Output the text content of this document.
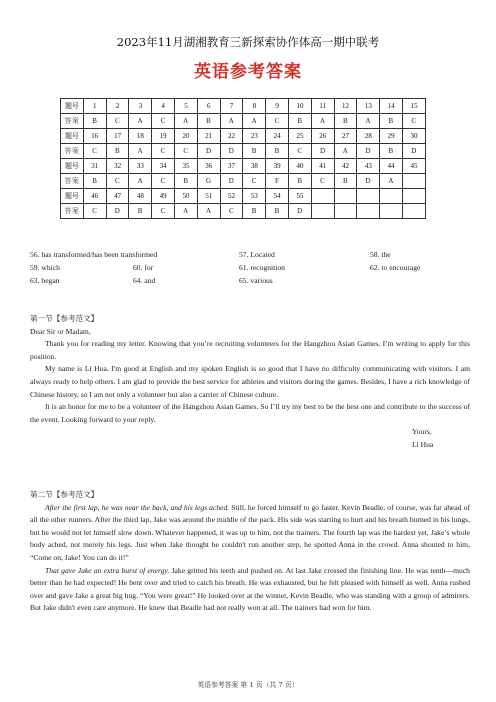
2023年11月湖湘教育三新探索协作体高一期中联考
英语参考答案
题号	1	2	3	4	5	6	7	8	9	10	11	12	13	14	15
答案	B	C	A	C	A	B	A	A	C	B	A	B	A	B	C
题号	16	17	18	19	20	21	22	23	24	25	26	27	28	29	30
答案	C	B	A	C	C	D	D	B	B	C	D	A	D	B	D
题号	31	32	33	34	35	36	37	38	39	40	41	42	43	44	45
答案	B	C	A	C	B	G	D	C	F	B	C	B	D	A	
题号	46	47	48	49	50	51	52	53	54	55					
答案	C	D	B	C	A	A	C	B	B	D					
56. has transformed/has been transformed	57. Located	58. the
59. which	60. for	61. recognition	62. to encourage
63. began	64. and	65. various

第一节【参考范文】

Dear Sir or Madam,

Thank you for reading my letter. Knowing that you’re recruiting volunteers for the Hangzhou Asian Games, I’m writing to apply for this position.

My name is Li Hua. I'm good at English and my spoken English is so good that I have no difficulty communicating with visitors. I am always ready to help others. I am glad to provide the best service for athletes and visitors during the games. Besides, I have a rich knowledge of Chinese history, so I am not only a volunteer but also a carrier of Chinese culture.

It is an honor for me to be a volunteer of the Hangzhou Asian Games. So I’ll try my best to be the best one and contribute to the success of the event. Looking forward to your reply.

Yours,

Li Hua

第二节【参考范文】

After the first lap, he was near the back, and his legs ached. Still, he forced himself to go faster. Kevin Beadle, of course, was far ahead of all the other runners. After the third lap, Jake was around the middle of the pack. His side was starting to hurt and his breath burned in his lungs, but he would not let himself slow down. Whatever happened, it was up to him, not the trainers. The fourth lap was the hardest yet, Jake’s whole body ached, not merely his legs. Just when Jake thought he couldn't run another step, he spotted Anna in the crowd. Anna shouted to him, “Come on, Jake! You can do it!”

That gave Jake an extra burst of energy. Jake gritted his teeth and pushed on. At last Jake crossed the finishing line. He was tenth—much better than he had expected! He bent over and tried to catch his breath. He was exhausted, but he felt pleased with himself as well. Anna rushed over and gave Jake a great big hug. “You were great!” He looked over at the winner, Kevin Beadle, who was standing with a group of admirers. But Jake didn't even care anymore. He knew that Beadle had not really won at all. The trainers had won for him.

英语参考答案 第 1 页（共 7 页）
